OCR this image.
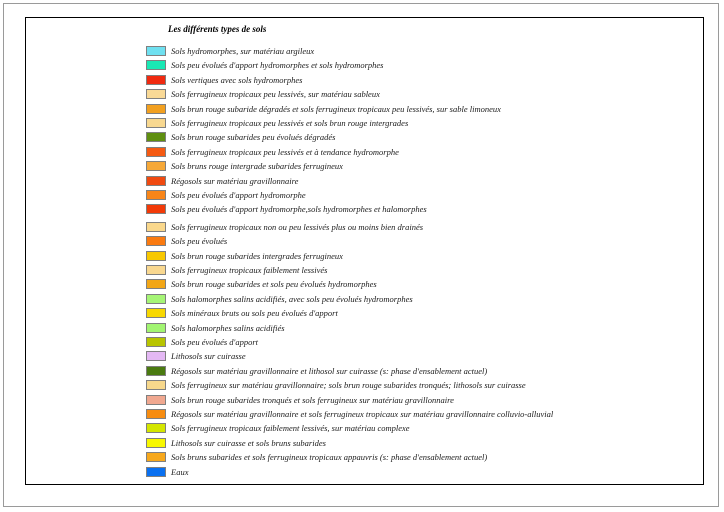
Les différents types de sols
Sols hydromorphes, sur matériau argileux
Sols peu évolués d'apport hydromorphes et sols hydromorphes
Sols vertiques avec sols hydromorphes
Sols ferrugineux tropicaux peu lessivés, sur matériau sableux
Sols brun rouge subaride dégradés et sols ferrugineux tropicaux peu lessivés, sur sable limoneux
Sols ferrugineux tropicaux peu lessivés et sols brun rouge intergrades
Sols brun rouge subarides peu évolués dégradés
Sols ferrugineux tropicaux peu lessivés et à tendance hydromorphe
Sols bruns rouge intergrade subarides ferrugineux
Régosols sur matériau gravillonnaire
Sols peu évolués d'apport hydromorphe
Sols peu évolués d'apport hydromorphe,sols hydromorphes et halomorphes
Sols ferrugineux tropicaux non ou peu lessivés plus ou moins bien drainés
Sols peu évolués
Sols brun rouge subarides intergrades ferrugineux
Sols ferrugineux tropicaux faiblement lessivés
Sols brun rouge subarides et sols peu évolués hydromorphes
Sols halomorphes salins acidifiés, avec sols peu évolués hydromorphes
Sols minéraux bruts ou sols peu évolués d'apport
Sols halomorphes salins acidifiés
Sols peu évolués d'apport
Lithosols sur cuirasse
Régosols sur matériau gravillonnaire et lithosol sur cuirasse (s: phase d'ensablement actuel)
Sols ferrugineux sur matériau gravillonnaire; sols brun rouge subarides tronqués; lithosols sur cuirasse
Sols brun rouge subarides tronqués et sols ferrugineux sur matériau gravillonnaire
Régosols sur matériau gravillonnaire et sols ferrugineux tropicaux sur matériau gravillonnaire colluvio-alluvial
Sols ferrugineux tropicaux faiblement lessivés, sur matériau complexe
Lithosols sur cuirasse et sols bruns subarides
Sols bruns subarides et sols ferrugineux tropicaux appauvris (s: phase d'ensablement actuel)
Eaux
